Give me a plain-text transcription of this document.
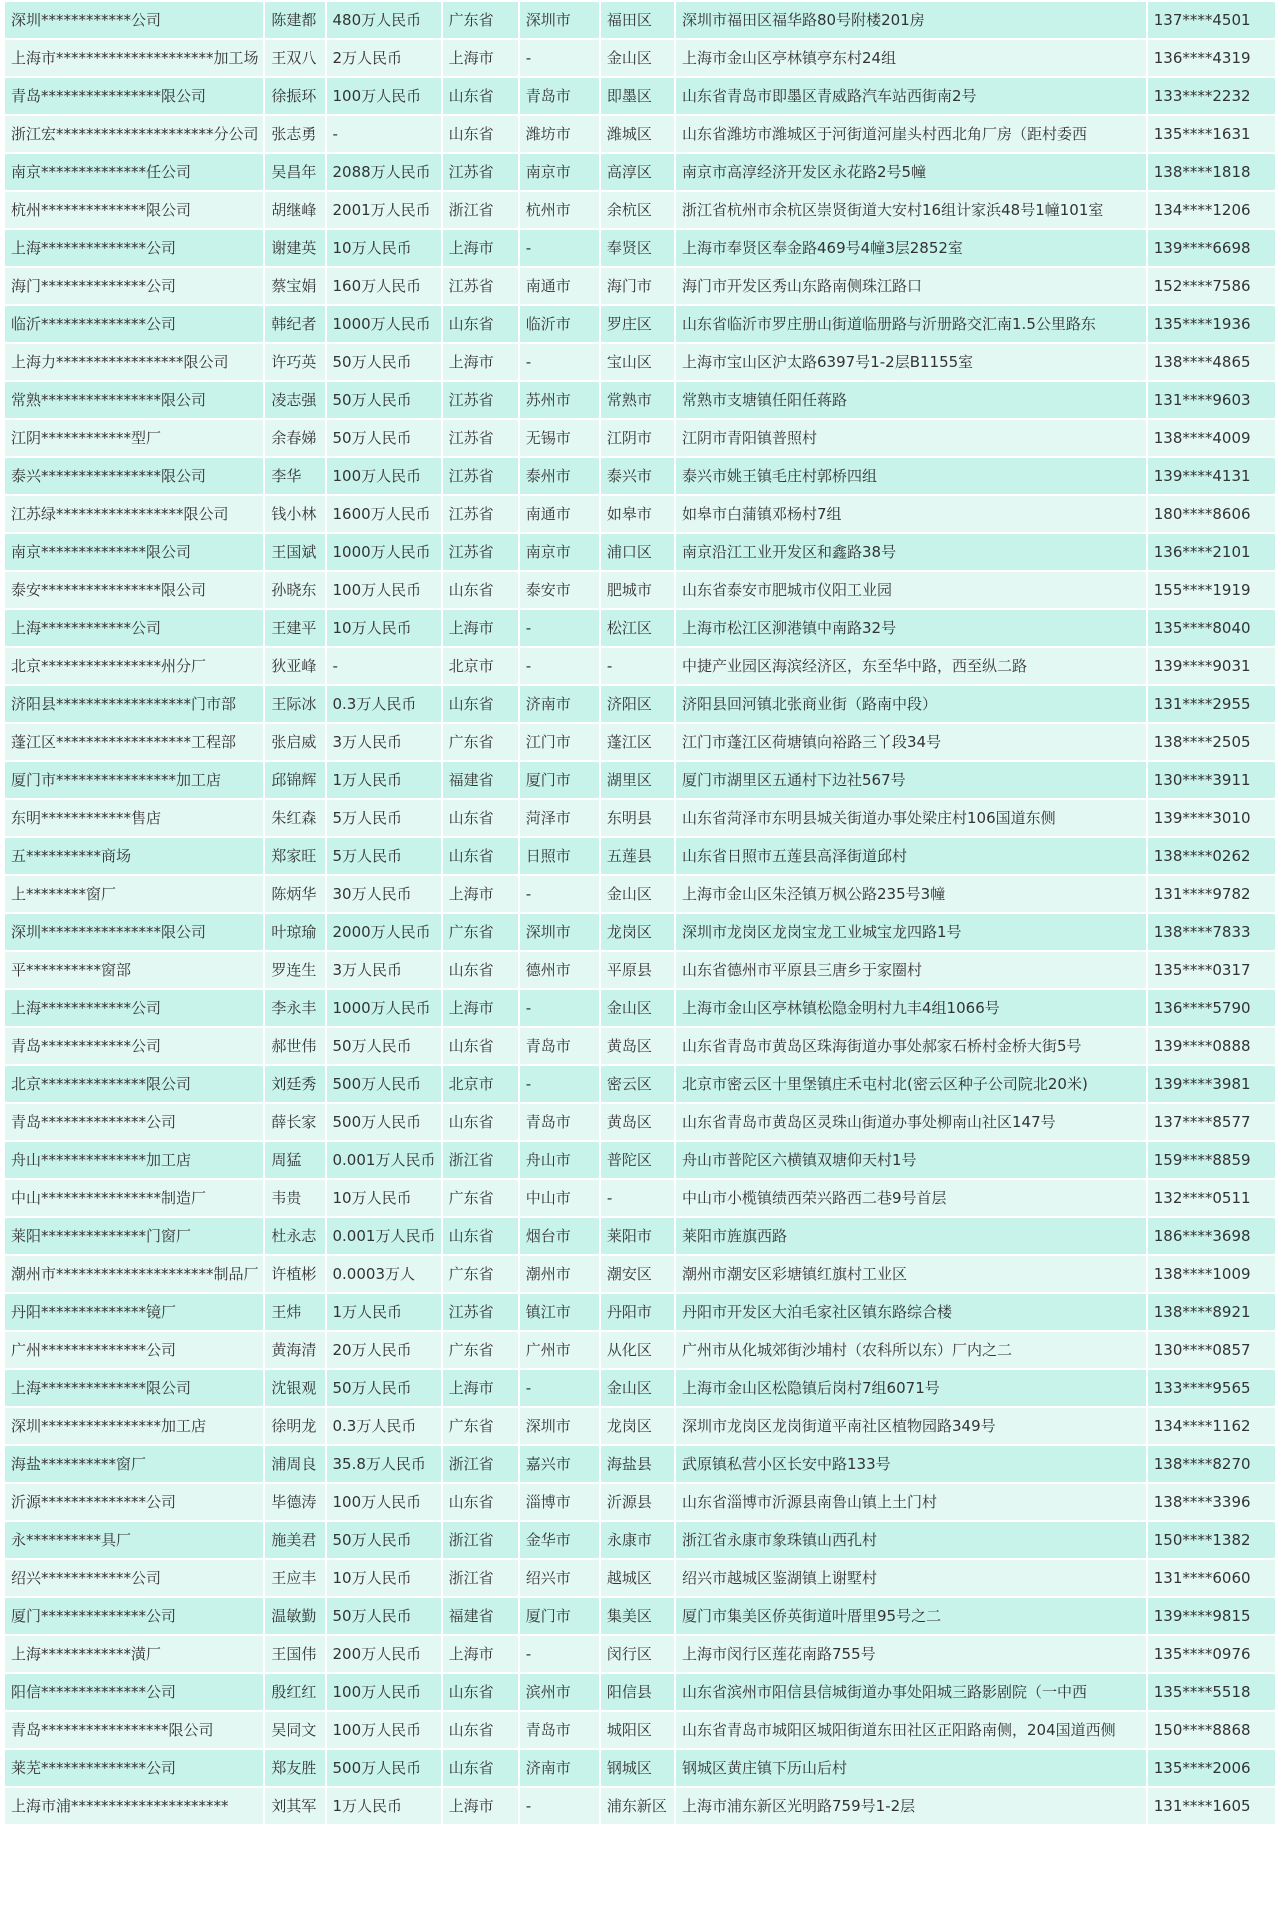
深圳************公司	陈建都	480万人民币	广东省	深圳市	福田区	深圳市福田区福华路80号附楼201房	137****4501
上海市*********************加工场	王双八	2万人民币	上海市	-	金山区	上海市金山区亭林镇亭东村24组	136****4319
青岛****************限公司	徐振环	100万人民币	山东省	青岛市	即墨区	山东省青岛市即墨区青威路汽车站西街南2号	133****2232
浙江宏*********************分公司	张志勇	-	山东省	潍坊市	潍城区	山东省潍坊市潍城区于河街道河崖头村西北角厂房（距村委西	135****1631
南京**************任公司	吴昌年	2088万人民币	江苏省	南京市	高淳区	南京市高淳经济开发区永花路2号5幢	138****1818
杭州**************限公司	胡继峰	2001万人民币	浙江省	杭州市	余杭区	浙江省杭州市余杭区崇贤街道大安村16组计家浜48号1幢101室	134****1206
上海**************公司	谢建英	10万人民币	上海市	-	奉贤区	上海市奉贤区奉金路469号4幢3层2852室	139****6698
海门**************公司	蔡宝娟	160万人民币	江苏省	南通市	海门市	海门市开发区秀山东路南侧珠江路口	152****7586
临沂**************公司	韩纪者	1000万人民币	山东省	临沂市	罗庄区	山东省临沂市罗庄册山街道临册路与沂册路交汇南1.5公里路东	135****1936
上海力*****************限公司	许巧英	50万人民币	上海市	-	宝山区	上海市宝山区沪太路6397号1-2层B1155室	138****4865
常熟****************限公司	凌志强	50万人民币	江苏省	苏州市	常熟市	常熟市支塘镇任阳任蒋路	131****9603
江阴************型厂	余春娣	50万人民币	江苏省	无锡市	江阴市	江阴市青阳镇普照村	138****4009
泰兴****************限公司	李华	100万人民币	江苏省	泰州市	泰兴市	泰兴市姚王镇毛庄村郭桥四组	139****4131
江苏绿*****************限公司	钱小林	1600万人民币	江苏省	南通市	如皋市	如皋市白蒲镇邓杨村7组	180****8606
南京**************限公司	王国斌	1000万人民币	江苏省	南京市	浦口区	南京沿江工业开发区和鑫路38号	136****2101
泰安****************限公司	孙晓东	100万人民币	山东省	泰安市	肥城市	山东省泰安市肥城市仪阳工业园	155****1919
上海************公司	王建平	10万人民币	上海市	-	松江区	上海市松江区泖港镇中南路32号	135****8040
北京****************州分厂	狄亚峰	-	北京市	-	-	中捷产业园区海滨经济区，东至华中路，西至纵二路	139****9031
济阳县******************门市部	王际冰	0.3万人民币	山东省	济南市	济阳区	济阳县回河镇北张商业街（路南中段）	131****2955
蓬江区******************工程部	张启威	3万人民币	广东省	江门市	蓬江区	江门市蓬江区荷塘镇向裕路三丫段34号	138****2505
厦门市****************加工店	邱锦辉	1万人民币	福建省	厦门市	湖里区	厦门市湖里区五通村下边社567号	130****3911
东明************售店	朱红森	5万人民币	山东省	菏泽市	东明县	山东省菏泽市东明县城关街道办事处梁庄村106国道东侧	139****3010
五**********商场	郑家旺	5万人民币	山东省	日照市	五莲县	山东省日照市五莲县高泽街道邱村	138****0262
上********窗厂	陈炳华	30万人民币	上海市	-	金山区	上海市金山区朱泾镇万枫公路235号3幢	131****9782
深圳****************限公司	叶琼瑜	2000万人民币	广东省	深圳市	龙岗区	深圳市龙岗区龙岗宝龙工业城宝龙四路1号	138****7833
平**********窗部	罗连生	3万人民币	山东省	德州市	平原县	山东省德州市平原县三唐乡于家圈村	135****0317
上海************公司	李永丰	1000万人民币	上海市	-	金山区	上海市金山区亭林镇松隐金明村九丰4组1066号	136****5790
青岛************公司	郝世伟	50万人民币	山东省	青岛市	黄岛区	山东省青岛市黄岛区珠海街道办事处郝家石桥村金桥大街5号	139****0888
北京**************限公司	刘廷秀	500万人民币	北京市	-	密云区	北京市密云区十里堡镇庄禾屯村北(密云区种子公司院北20米)	139****3981
青岛**************公司	薛长家	500万人民币	山东省	青岛市	黄岛区	山东省青岛市黄岛区灵珠山街道办事处柳南山社区147号	137****8577
舟山**************加工店	周猛	0.001万人民币	浙江省	舟山市	普陀区	舟山市普陀区六横镇双塘仰天村1号	159****8859
中山****************制造厂	韦贵	10万人民币	广东省	中山市	-	中山市小榄镇绩西荣兴路西二巷9号首层	132****0511
莱阳**************门窗厂	杜永志	0.001万人民币	山东省	烟台市	莱阳市	莱阳市旌旗西路	186****3698
潮州市*********************制品厂	许植彬	0.0003万人	广东省	潮州市	潮安区	潮州市潮安区彩塘镇红旗村工业区	138****1009
丹阳**************镜厂	王炜	1万人民币	江苏省	镇江市	丹阳市	丹阳市开发区大泊毛家社区镇东路综合楼	138****8921
广州**************公司	黄海清	20万人民币	广东省	广州市	从化区	广州市从化城郊街沙埔村（农科所以东）厂内之二	130****0857
上海**************限公司	沈银观	50万人民币	上海市	-	金山区	上海市金山区松隐镇后岗村7组6071号	133****9565
深圳****************加工店	徐明龙	0.3万人民币	广东省	深圳市	龙岗区	深圳市龙岗区龙岗街道平南社区植物园路349号	134****1162
海盐**********窗厂	浦周良	35.8万人民币	浙江省	嘉兴市	海盐县	武原镇私营小区长安中路133号	138****8270
沂源**************公司	毕德涛	100万人民币	山东省	淄博市	沂源县	山东省淄博市沂源县南鲁山镇上土门村	138****3396
永**********具厂	施美君	50万人民币	浙江省	金华市	永康市	浙江省永康市象珠镇山西孔村	150****1382
绍兴************公司	王应丰	10万人民币	浙江省	绍兴市	越城区	绍兴市越城区鉴湖镇上谢墅村	131****6060
厦门**************公司	温敏勤	50万人民币	福建省	厦门市	集美区	厦门市集美区侨英街道叶厝里95号之二	139****9815
上海************潢厂	王国伟	200万人民币	上海市	-	闵行区	上海市闵行区莲花南路755号	135****0976
阳信**************公司	殷红红	100万人民币	山东省	滨州市	阳信县	山东省滨州市阳信县信城街道办事处阳城三路影剧院（一中西	135****5518
青岛*****************限公司	吴同文	100万人民币	山东省	青岛市	城阳区	山东省青岛市城阳区城阳街道东田社区正阳路南侧，204国道西侧	150****8868
莱芜**************公司	郑友胜	500万人民币	山东省	济南市	钢城区	钢城区黄庄镇下历山后村	135****2006
上海市浦*********************	刘其军	1万人民币	上海市	-	浦东新区	上海市浦东新区光明路759号1-2层	131****1605
